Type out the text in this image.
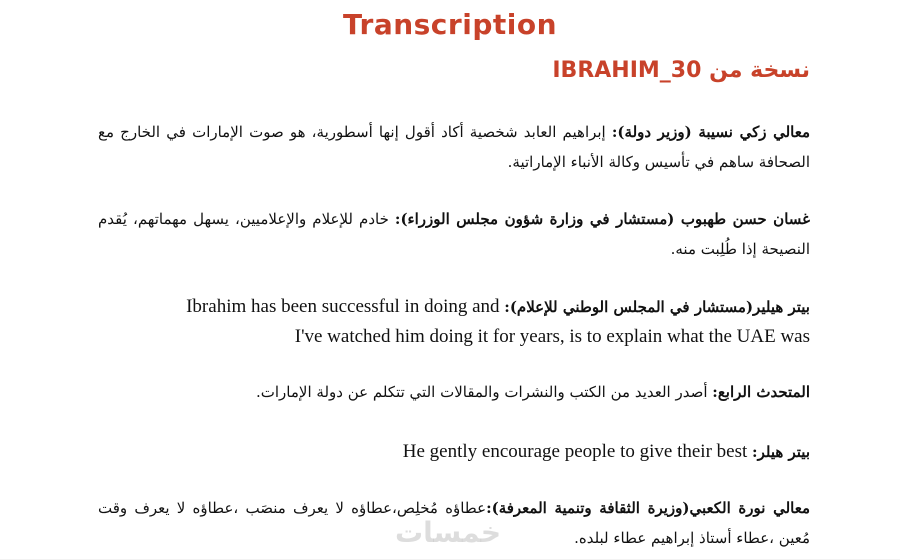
Transcription
نسخة من IBRAHIM_30
معالي زكي نسيبة (وزير دولة): إبراهيم العابد شخصية أكاد أقول إنها أسطورية، هو صوت الإمارات في الخارج مع الصحافة ساهم في تأسيس وكالة الأنباء الإماراتية.
غسان حسن طهبوب (مستشار في وزارة شؤون مجلس الوزراء): خادم للإعلام والإعلاميين، يسهل مهماتهم، يُقدم النصيحة إذا طُلِبت منه.
Ibrahim has been successful in doing and بيتر هيلير(مستشار في المجلس الوطني للإعلام):
I've watched him doing it for years, is to explain what the UAE was
المتحدث الرابع: أصدر العديد من الكتب والنشرات والمقالات التي تتكلم عن دولة الإمارات.
بيتر هيلر: He gently encourage people to give their best
معالي نورة الكعبي(وزيرة الثقافة وتنمية المعرفة):عطاؤه مُخلِص،عطاؤه لا يعرف منصَب ،عطاؤه لا يعرف وقت مُعين ،عطاء أستاذ إبراهيم عطاء لبلده.
خمسات
